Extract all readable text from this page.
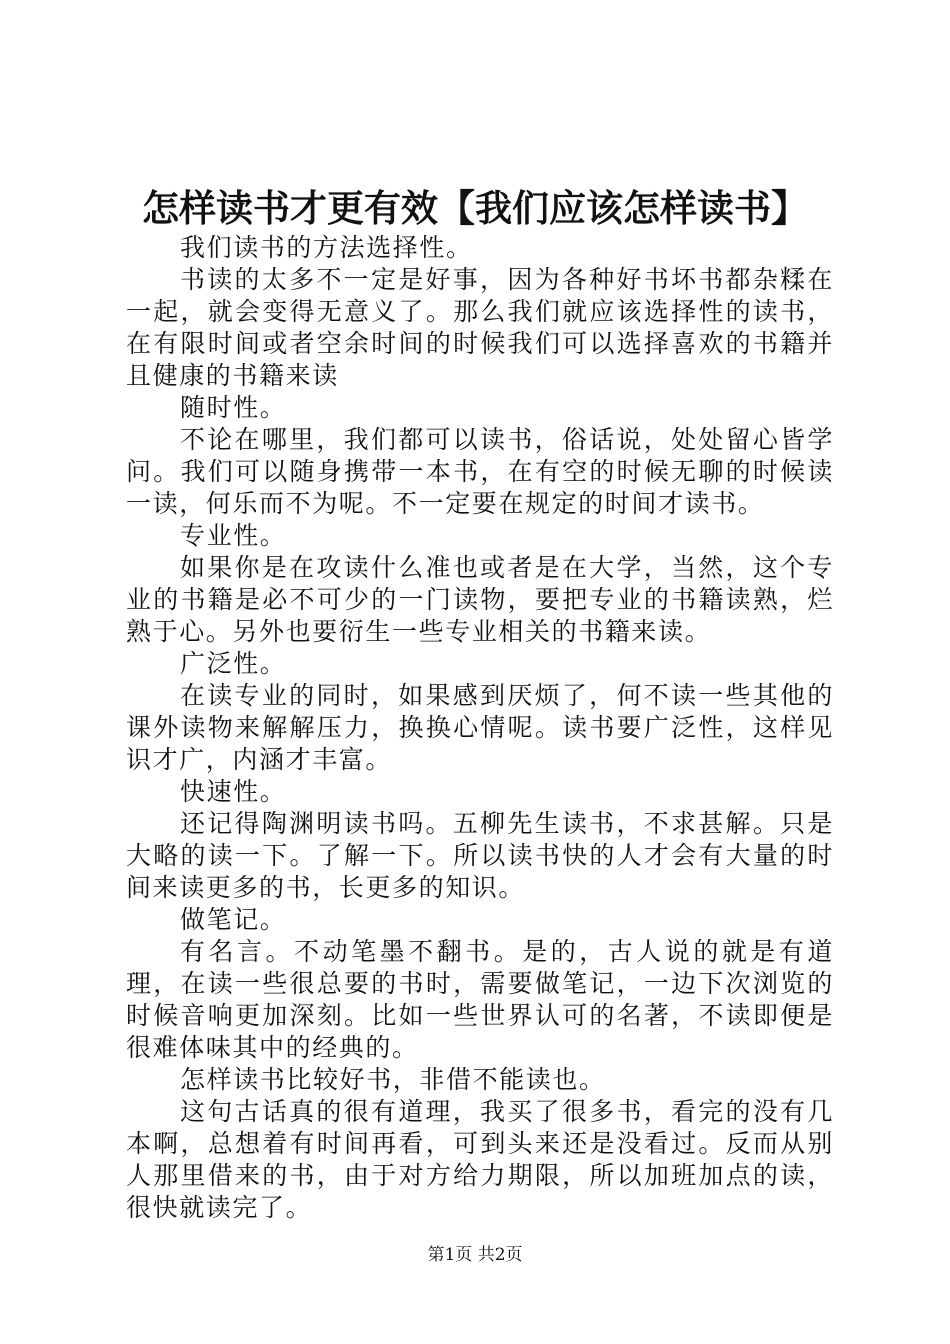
怎样读书才更有效【我们应该怎样读书】

我们读书的方法选择性。

书读的太多不一定是好事，因为各种好书坏书都杂糅在一起，就会变得无意义了。那么我们就应该选择性的读书，在有限时间或者空余时间的时候我们可以选择喜欢的书籍并且健康的书籍来读

随时性。

不论在哪里，我们都可以读书，俗话说，处处留心皆学问。我们可以随身携带一本书，在有空的时候无聊的时候读一读，何乐而不为呢。不一定要在规定的时间才读书。

专业性。

如果你是在攻读什么准也或者是在大学，当然，这个专业的书籍是必不可少的一门读物，要把专业的书籍读熟，烂熟于心。另外也要衍生一些专业相关的书籍来读。

广泛性。

在读专业的同时，如果感到厌烦了，何不读一些其他的课外读物来解解压力，换换心情呢。读书要广泛性，这样见识才广，内涵才丰富。

快速性。

还记得陶渊明读书吗。五柳先生读书，不求甚解。只是大略的读一下。了解一下。所以读书快的人才会有大量的时间来读更多的书，长更多的知识。

做笔记。

有名言。不动笔墨不翻书。是的，古人说的就是有道理，在读一些很总要的书时，需要做笔记，一边下次浏览的时候音响更加深刻。比如一些世界认可的名著，不读即便是很难体味其中的经典的。

怎样读书比较好书，非借不能读也。

这句古话真的很有道理，我买了很多书，看完的没有几本啊，总想着有时间再看，可到头来还是没看过。反而从别人那里借来的书，由于对方给力期限，所以加班加点的读，很快就读完了。

第1页 共2页
